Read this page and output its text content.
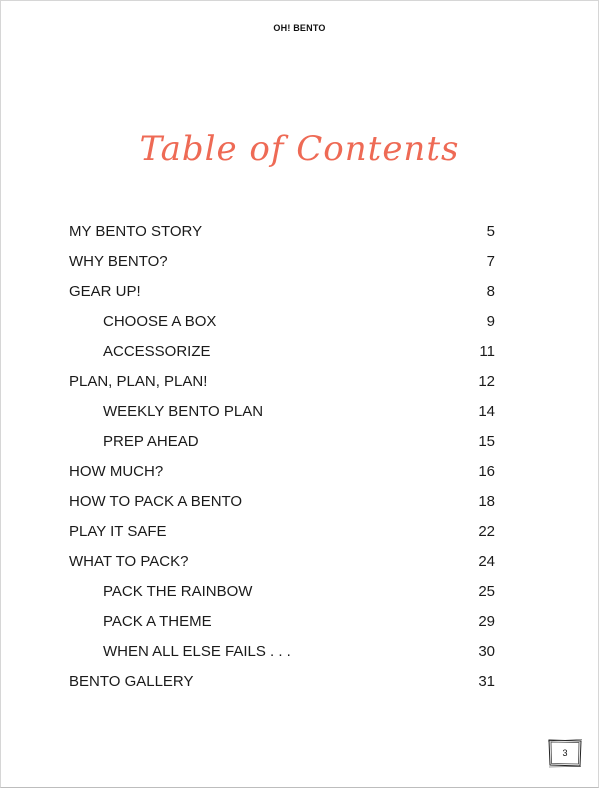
OH! BENTO
Table of Contents
MY BENTO STORY	5
WHY BENTO?	7
GEAR UP!	8
CHOOSE A BOX	9
ACCESSORIZE	11
PLAN, PLAN, PLAN!	12
WEEKLY BENTO PLAN	14
PREP AHEAD	15
HOW MUCH?	16
HOW TO PACK A BENTO	18
PLAY IT SAFE	22
WHAT TO PACK?	24
PACK THE RAINBOW	25
PACK A THEME	29
WHEN ALL ELSE FAILS . . .	30
BENTO GALLERY	31
3
